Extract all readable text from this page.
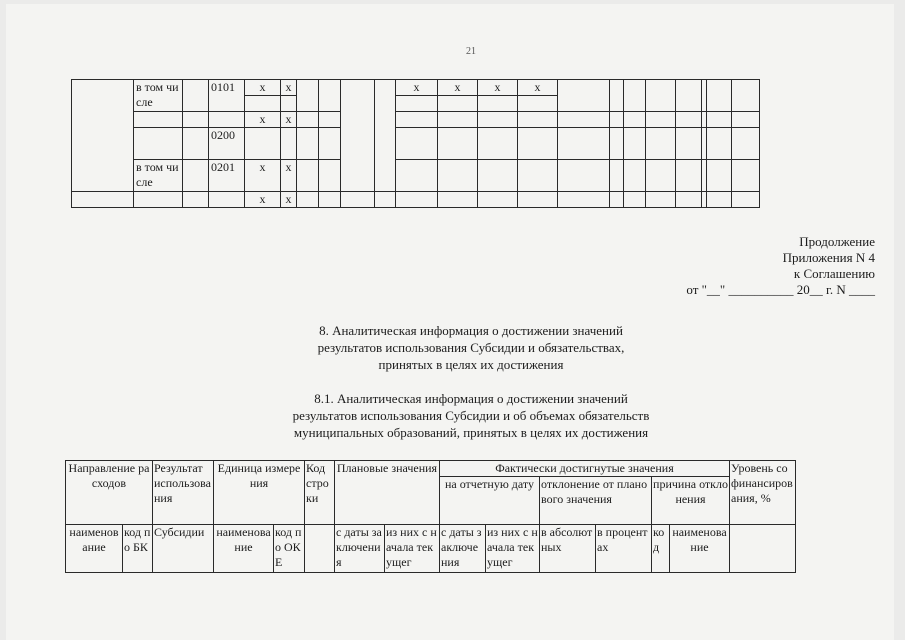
21
	в том числе		0101	х	х					х	х	х	х								

				х	х																
			0200																		
	в том числе		0201	х	х																
				х	х																
Продолжение
Приложения N 4
к Соглашению
от "__" __________ 20__ г. N ____
8. Аналитическая информация о достижении значений
результатов использования Субсидии и обязательствах,
принятых в целях их достижения
8.1. Аналитическая информация о достижении значений
результатов использования Субсидии и об объемах обязательств
муниципальных образований, принятых в целях их достижения
Направление расходов		Результат использования	Единица измерения		Код строки	Плановые значения		Фактически достигнутые значения						Уровень софинансирования, %
								на отчетную дату		отклонение от планового значения		причина отклонения		

наименование	код по БК	Субсидии	наименование	код по ОКЕ		с даты заключения	из них с начала текущег	с даты заключения	из них с начала текущег	в абсолютных	в процентах	код	наименование	
